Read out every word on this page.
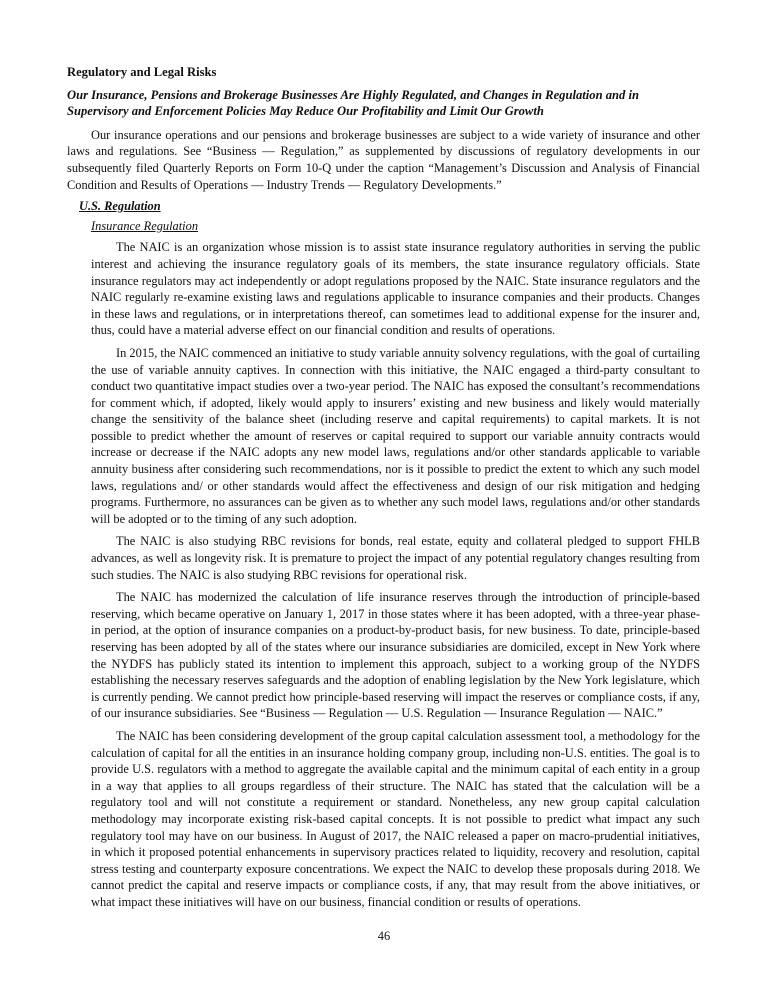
Regulatory and Legal Risks
Our Insurance, Pensions and Brokerage Businesses Are Highly Regulated, and Changes in Regulation and in Supervisory and Enforcement Policies May Reduce Our Profitability and Limit Our Growth

Our insurance operations and our pensions and brokerage businesses are subject to a wide variety of insurance and other laws and regulations. See “Business — Regulation,” as supplemented by discussions of regulatory developments in our subsequently filed Quarterly Reports on Form 10-Q under the caption “Management’s Discussion and Analysis of Financial Condition and Results of Operations — Industry Trends — Regulatory Developments.”

U.S. Regulation
Insurance Regulation

The NAIC is an organization whose mission is to assist state insurance regulatory authorities in serving the public interest and achieving the insurance regulatory goals of its members, the state insurance regulatory officials. State insurance regulators may act independently or adopt regulations proposed by the NAIC. State insurance regulators and the NAIC regularly re-examine existing laws and regulations applicable to insurance companies and their products. Changes in these laws and regulations, or in interpretations thereof, can sometimes lead to additional expense for the insurer and, thus, could have a material adverse effect on our financial condition and results of operations.

In 2015, the NAIC commenced an initiative to study variable annuity solvency regulations, with the goal of curtailing the use of variable annuity captives. In connection with this initiative, the NAIC engaged a third-party consultant to conduct two quantitative impact studies over a two-year period. The NAIC has exposed the consultant’s recommendations for comment which, if adopted, likely would apply to insurers’ existing and new business and likely would materially change the sensitivity of the balance sheet (including reserve and capital requirements) to capital markets. It is not possible to predict whether the amount of reserves or capital required to support our variable annuity contracts would increase or decrease if the NAIC adopts any new model laws, regulations and/or other standards applicable to variable annuity business after considering such recommendations, nor is it possible to predict the extent to which any such model laws, regulations and/ or other standards would affect the effectiveness and design of our risk mitigation and hedging programs. Furthermore, no assurances can be given as to whether any such model laws, regulations and/or other standards will be adopted or to the timing of any such adoption.

The NAIC is also studying RBC revisions for bonds, real estate, equity and collateral pledged to support FHLB advances, as well as longevity risk. It is premature to project the impact of any potential regulatory changes resulting from such studies. The NAIC is also studying RBC revisions for operational risk.

The NAIC has modernized the calculation of life insurance reserves through the introduction of principle-based reserving, which became operative on January 1, 2017 in those states where it has been adopted, with a three-year phase-in period, at the option of insurance companies on a product-by-product basis, for new business. To date, principle-based reserving has been adopted by all of the states where our insurance subsidiaries are domiciled, except in New York where the NYDFS has publicly stated its intention to implement this approach, subject to a working group of the NYDFS establishing the necessary reserves safeguards and the adoption of enabling legislation by the New York legislature, which is currently pending. We cannot predict how principle-based reserving will impact the reserves or compliance costs, if any, of our insurance subsidiaries. See “Business — Regulation — U.S. Regulation — Insurance Regulation — NAIC.”

The NAIC has been considering development of the group capital calculation assessment tool, a methodology for the calculation of capital for all the entities in an insurance holding company group, including non-U.S. entities. The goal is to provide U.S. regulators with a method to aggregate the available capital and the minimum capital of each entity in a group in a way that applies to all groups regardless of their structure. The NAIC has stated that the calculation will be a regulatory tool and will not constitute a requirement or standard. Nonetheless, any new group capital calculation methodology may incorporate existing risk-based capital concepts. It is not possible to predict what impact any such regulatory tool may have on our business. In August of 2017, the NAIC released a paper on macro-prudential initiatives, in which it proposed potential enhancements in supervisory practices related to liquidity, recovery and resolution, capital stress testing and counterparty exposure concentrations. We expect the NAIC to develop these proposals during 2018. We cannot predict the capital and reserve impacts or compliance costs, if any, that may result from the above initiatives, or what impact these initiatives will have on our business, financial condition or results of operations.

46
